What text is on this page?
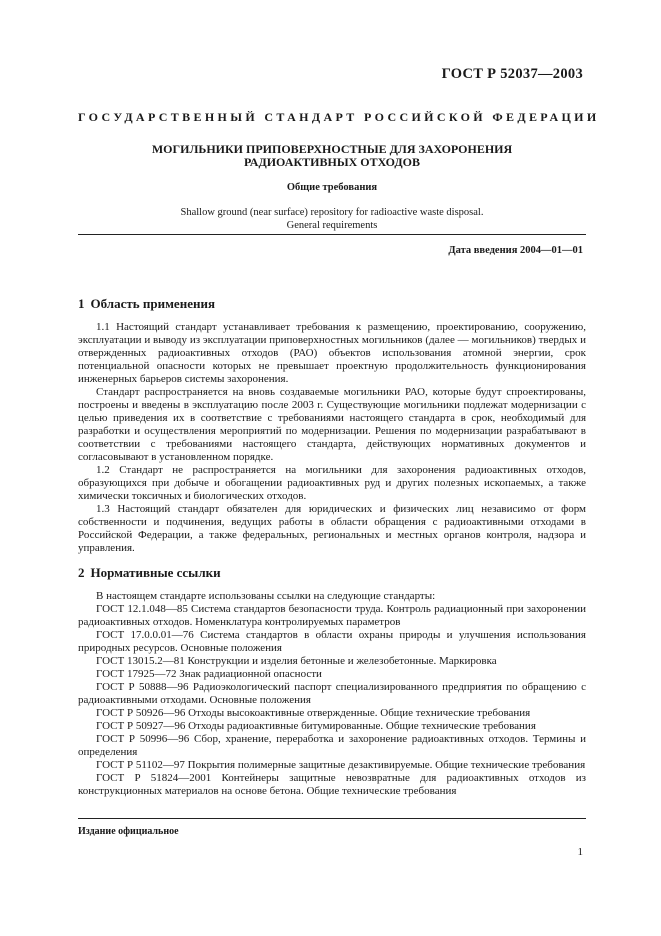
ГОСТ Р 52037—2003
ГОСУДАРСТВЕННЫЙ СТАНДАРТ РОССИЙСКОЙ ФЕДЕРАЦИИ
МОГИЛЬНИКИ ПРИПОВЕРХНОСТНЫЕ ДЛЯ ЗАХОРОНЕНИЯ
РАДИОАКТИВНЫХ ОТХОДОВ
Общие требования
Shallow ground (near surface) repository for radioactive waste disposal.
General requirements
Дата введения 2004—01—01
1 Область применения

1.1 Настоящий стандарт устанавливает требования к размещению, проектированию, сооружению, эксплуатации и выводу из эксплуатации приповерхностных могильников (далее — могильников) твердых и отвержденных радиоактивных отходов (РАО) объектов использования атомной энергии, срок потенциальной опасности которых не превышает проектную продолжительность функционирования инженерных барьеров системы захоронения.

Стандарт распространяется на вновь создаваемые могильники РАО, которые будут спроектированы, построены и введены в эксплуатацию после 2003 г. Существующие могильники подлежат модернизации с целью приведения их в соответствие с требованиями настоящего стандарта в срок, необходимый для разработки и осуществления мероприятий по модернизации. Решения по модернизации разрабатывают в соответствии с требованиями настоящего стандарта, действующих нормативных документов и согласовывают в установленном порядке.

1.2 Стандарт не распространяется на могильники для захоронения радиоактивных отходов, образующихся при добыче и обогащении радиоактивных руд и других полезных ископаемых, а также химически токсичных и биологических отходов.

1.3 Настоящий стандарт обязателен для юридических и физических лиц независимо от форм собственности и подчинения, ведущих работы в области обращения с радиоактивными отходами в Российской Федерации, а также федеральных, региональных и местных органов контроля, надзора и управления.

2 Нормативные ссылки

В настоящем стандарте использованы ссылки на следующие стандарты:

ГОСТ 12.1.048—85 Система стандартов безопасности труда. Контроль радиационный при захоронении радиоактивных отходов. Номенклатура контролируемых параметров

ГОСТ 17.0.0.01—76 Система стандартов в области охраны природы и улучшения использования природных ресурсов. Основные положения

ГОСТ 13015.2—81 Конструкции и изделия бетонные и железобетонные. Маркировка

ГОСТ 17925—72 Знак радиационной опасности

ГОСТ Р 50888—96 Радиоэкологический паспорт специализированного предприятия по обращению с радиоактивными отходами. Основные положения

ГОСТ Р 50926—96 Отходы высокоактивные отвержденные. Общие технические требования

ГОСТ Р 50927—96 Отходы радиоактивные битумированные. Общие технические требования

ГОСТ Р 50996—96 Сбор, хранение, переработка и захоронение радиоактивных отходов. Термины и определения

ГОСТ Р 51102—97 Покрытия полимерные защитные дезактивируемые. Общие технические требования

ГОСТ Р 51824—2001 Контейнеры защитные невозвратные для радиоактивных отходов из конструкционных материалов на основе бетона. Общие технические требования

Издание официальное
1
